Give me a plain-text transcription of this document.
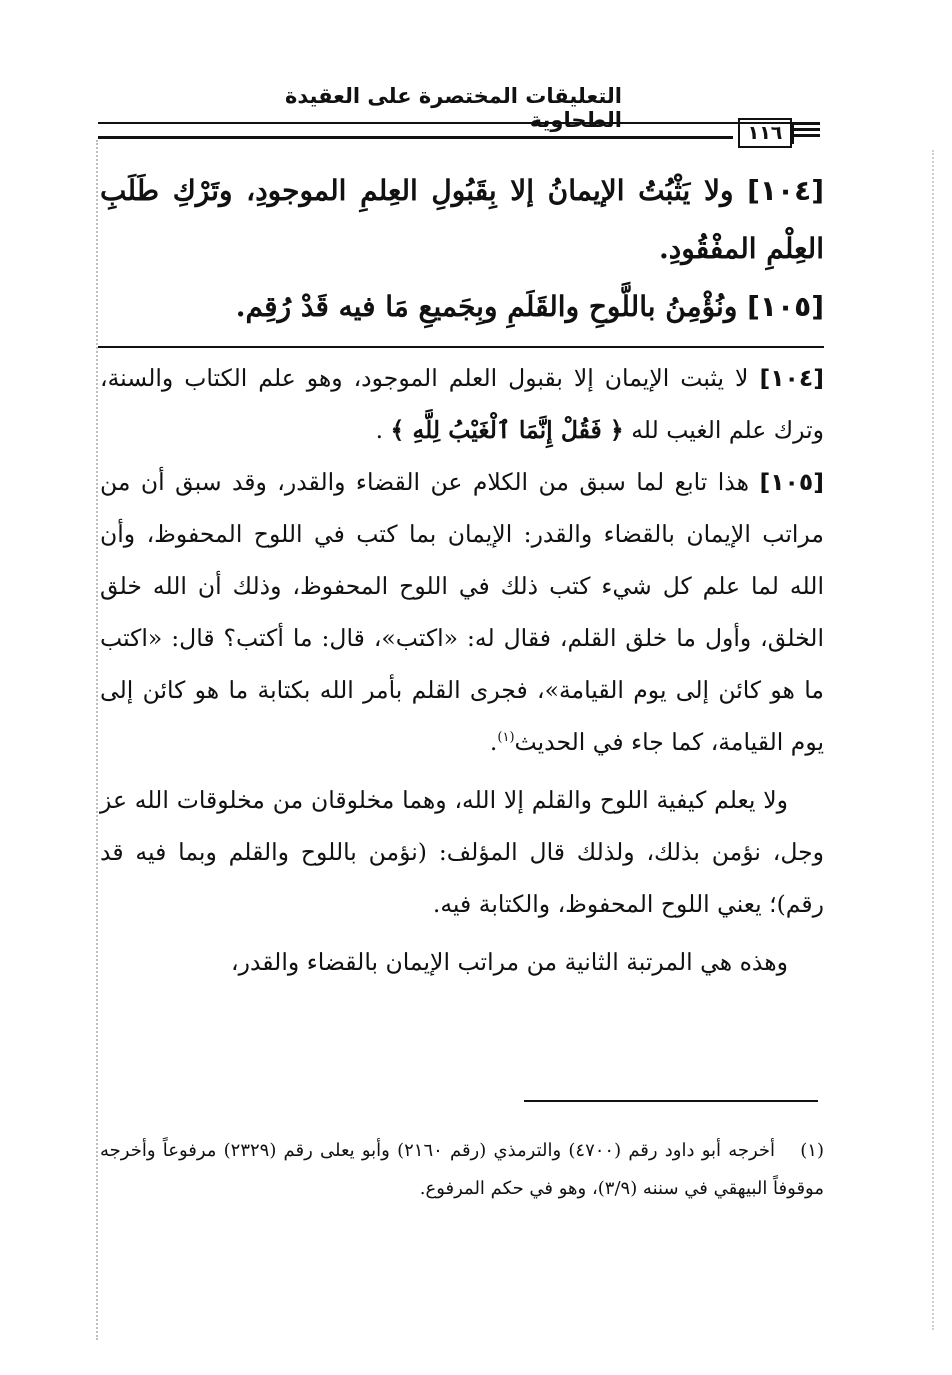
التعليقات المختصرة على العقيدة الطحاوية
١١٦

[١٠٤] ولا يَثْبُتُ الإيمانُ إلا بِقَبُولِ العِلمِ الموجودِ، وتَرْكِ طَلَبِ العِلْمِ المفْقُودِ.

[١٠٥] ونُؤْمِنُ باللَّوحِ والقَلَمِ وبِجَميعِ مَا فيه قَدْ رُقِم.

[١٠٤] لا يثبت الإيمان إلا بقبول العلم الموجود، وهو علم الكتاب والسنة، وترك علم الغيب لله ﴿ فَقُلْ إِنَّمَا ٱلْغَيْبُ لِلَّهِ ﴾ .

[١٠٥] هذا تابع لما سبق من الكلام عن القضاء والقدر، وقد سبق أن من مراتب الإيمان بالقضاء والقدر: الإيمان بما كتب في اللوح المحفوظ، وأن الله لما علم كل شيء كتب ذلك في اللوح المحفوظ، وذلك أن الله خلق الخلق، وأول ما خلق القلم، فقال له: «اكتب»، قال: ما أكتب؟ قال: «اكتب ما هو كائن إلى يوم القيامة»، فجرى القلم بأمر الله بكتابة ما هو كائن إلى يوم القيامة، كما جاء في الحديث$^{(١)}$.

ولا يعلم كيفية اللوح والقلم إلا الله، وهما مخلوقان من مخلوقات الله عز وجل، نؤمن بذلك، ولذلك قال المؤلف: (نؤمن باللوح والقلم وبما فيه قد رقم)؛ يعني اللوح المحفوظ، والكتابة فيه.

وهذه هي المرتبة الثانية من مراتب الإيمان بالقضاء والقدر،

(١) أخرجه أبو داود رقم (٤٧٠٠) والترمذي (رقم ٢١٦٠) وأبو يعلى رقم (٢٣٢٩) مرفوعاً وأخرجه موقوفاً البيهقي في سننه (٣/٩)، وهو في حكم المرفوع.
